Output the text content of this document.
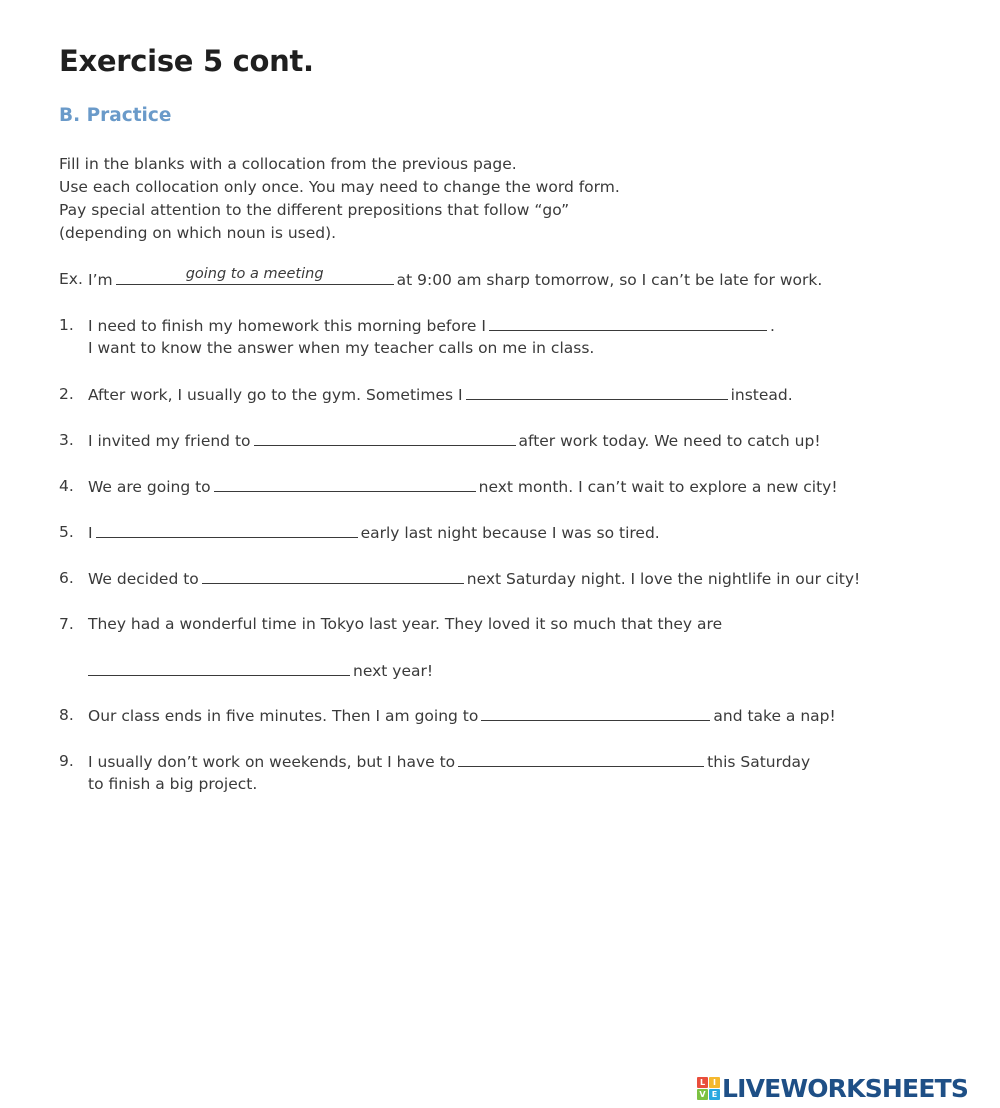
Exercise 5 cont.
B. Practice
Fill in the blanks with a collocation from the previous page.
Use each collocation only once. You may need to change the word form.
Pay special attention to the different prepositions that follow “go”
(depending on which noun is used).
Ex. I’m	going to a meeting	at 9:00 am sharp tomorrow, so I can’t be late for work.
1. I need to finish my homework this morning before I	.
I want to know the answer when my teacher calls on me in class.
2. After work, I usually go to the gym. Sometimes I	instead.
3. I invited my friend to	after work today. We need to catch up!
4. We are going to	next month. I can’t wait to explore a new city!
5. I	early last night because I was so tired.
6. We decided to	next Saturday night. I love the nightlife in our city!
7. They had a wonderful time in Tokyo last year. They loved it so much that they are
next year!
8. Our class ends in five minutes. Then I am going to	and take a nap!
9. I usually don’t work on weekends, but I have to	this Saturday
to finish a big project.
L I
V E LIVEWORKSHEETS
